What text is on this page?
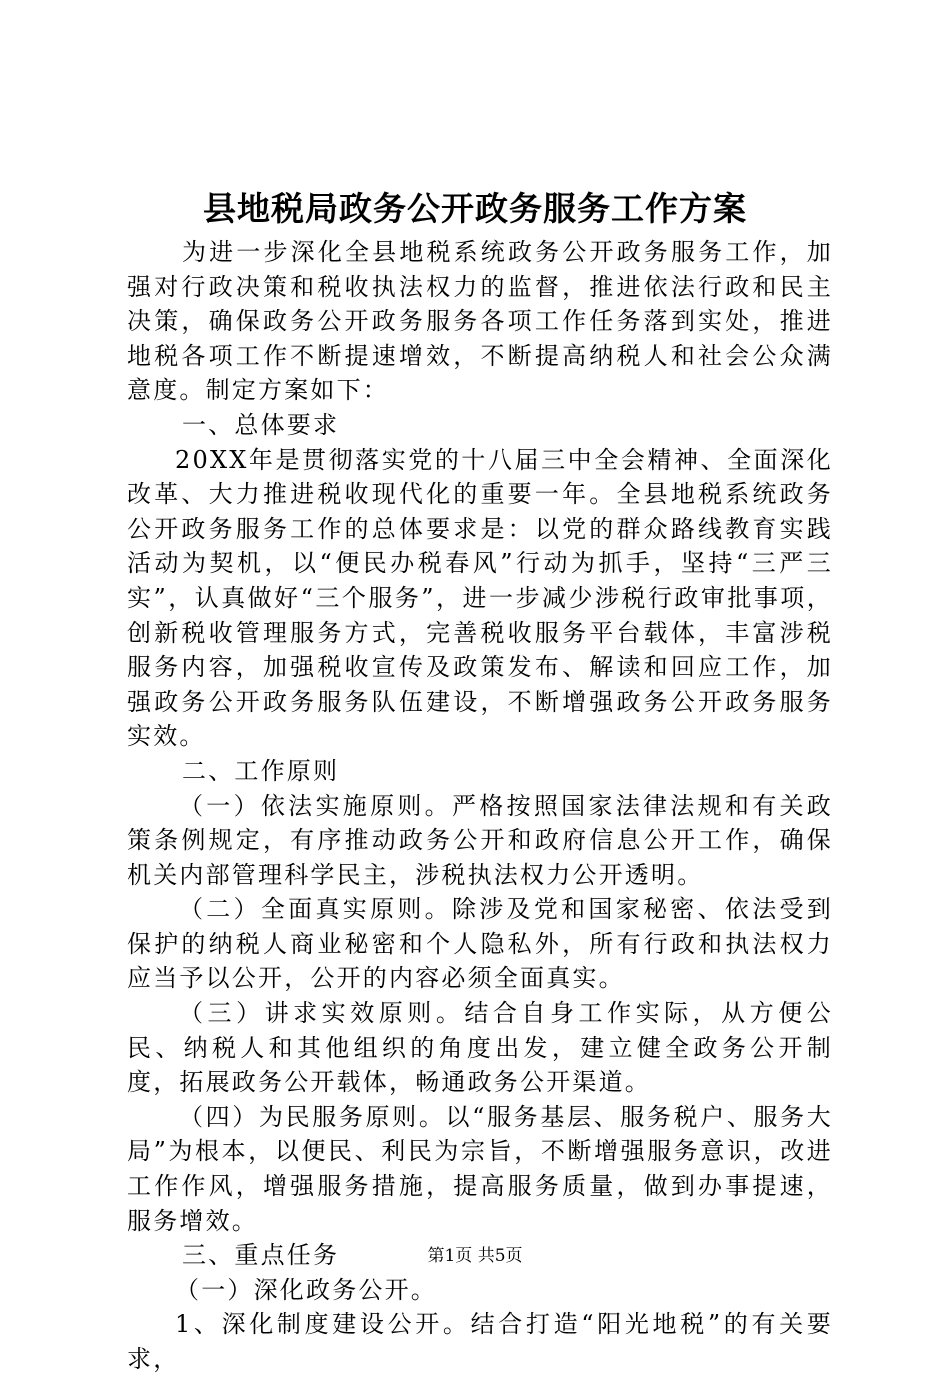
县地税局政务公开政务服务工作方案

为进一步深化全县地税系统政务公开政务服务工作，加强对行政决策和税收执法权力的监督，推进依法行政和民主决策，确保政务公开政务服务各项工作任务落到实处，推进地税各项工作不断提速增效，不断提高纳税人和社会公众满意度。制定方案如下：

一、总体要求

20XX年是贯彻落实党的十八届三中全会精神、全面深化改革、大力推进税收现代化的重要一年。全县地税系统政务公开政务服务工作的总体要求是：以党的群众路线教育实践活动为契机，以“便民办税春风”行动为抓手，坚持“三严三实”，认真做好“三个服务”，进一步减少涉税行政审批事项，创新税收管理服务方式，完善税收服务平台载体，丰富涉税服务内容，加强税收宣传及政策发布、解读和回应工作，加强政务公开政务服务队伍建设，不断增强政务公开政务服务实效。

二、工作原则

（一）依法实施原则。严格按照国家法律法规和有关政策条例规定，有序推动政务公开和政府信息公开工作，确保机关内部管理科学民主，涉税执法权力公开透明。

（二）全面真实原则。除涉及党和国家秘密、依法受到保护的纳税人商业秘密和个人隐私外，所有行政和执法权力应当予以公开，公开的内容必须全面真实。

（三）讲求实效原则。结合自身工作实际，从方便公民、纳税人和其他组织的角度出发，建立健全政务公开制度，拓展政务公开载体，畅通政务公开渠道。

（四）为民服务原则。以“服务基层、服务税户、服务大局”为根本，以便民、利民为宗旨，不断增强服务意识，改进工作作风，增强服务措施，提高服务质量，做到办事提速，服务增效。

三、重点任务

（一）深化政务公开。

1、深化制度建设公开。结合打造“阳光地税”的有关要求，

第1页 共5页
